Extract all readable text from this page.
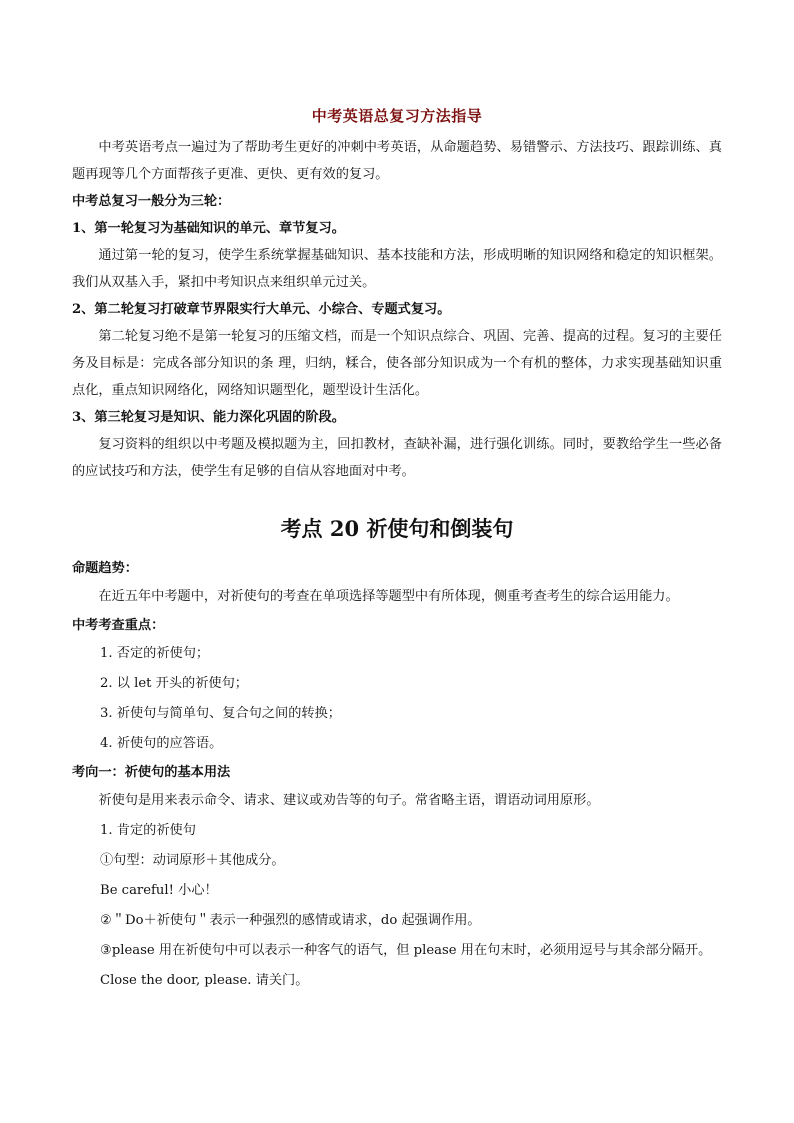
中考英语总复习方法指导

中考英语考点一遍过为了帮助考生更好的冲刺中考英语，从命题趋势、易错警示、方法技巧、跟踪训练、真题再现等几个方面帮孩子更准、更快、更有效的复习。

中考总复习一般分为三轮：

1、第一轮复习为基础知识的单元、章节复习。

通过第一轮的复习，使学生系统掌握基础知识、基本技能和方法，形成明晰的知识网络和稳定的知识框架。我们从双基入手，紧扣中考知识点来组织单元过关。

2、第二轮复习打破章节界限实行大单元、小综合、专题式复习。

第二轮复习绝不是第一轮复习的压缩文档，而是一个知识点综合、巩固、完善、提高的过程。复习的主要任务及目标是：完成各部分知识的条 理，归纳，糅合，使各部分知识成为一个有机的整体，力求实现基础知识重点化，重点知识网络化，网络知识题型化，题型设计生活化。

3、第三轮复习是知识、能力深化巩固的阶段。

复习资料的组织以中考题及模拟题为主，回扣教材，查缺补漏，进行强化训练。同时，要教给学生一些必备的应试技巧和方法，使学生有足够的自信从容地面对中考。

考点 20 祈使句和倒装句

命题趋势：

在近五年中考题中，对祈使句的考查在单项选择等题型中有所体现，侧重考查考生的综合运用能力。

中考考查重点：

1. 否定的祈使句；

2. 以 let 开头的祈使句；

3. 祈使句与简单句、复合句之间的转换；

4. 祈使句的应答语。

考向一：祈使句的基本用法

祈使句是用来表示命令、请求、建议或劝告等的句子。常省略主语，谓语动词用原形。

1. 肯定的祈使句

①句型：动词原形＋其他成分。

Be careful! 小心！

②＂Do＋祈使句＂表示一种强烈的感情或请求，do 起强调作用。

③please 用在祈使句中可以表示一种客气的语气，但 please 用在句末时，必须用逗号与其余部分隔开。

Close the door, please. 请关门。
